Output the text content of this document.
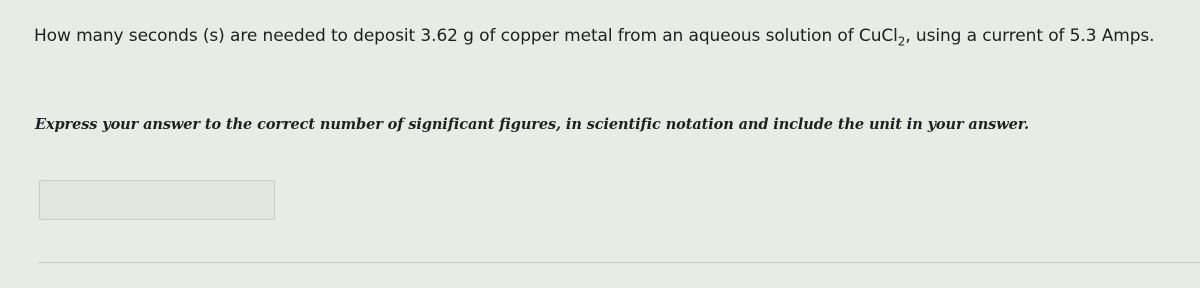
How many seconds (s) are needed to deposit 3.62 g of copper metal from an aqueous solution of CuCl$_2$, using a current of 5.3 Amps.
Express your answer to the correct number of significant figures, in scientific notation and include the unit in your answer.
